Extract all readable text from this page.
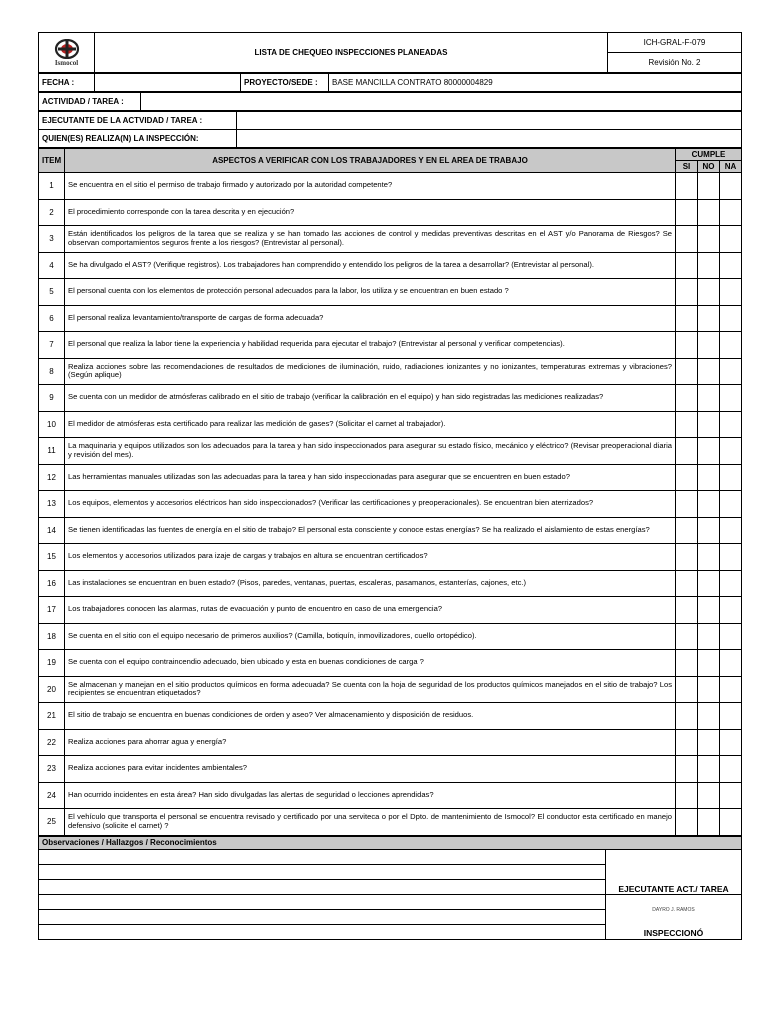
Ismocol
	LISTA DE CHEQUEO INSPECCIONES PLANEADAS	ICH-GRAL-F-079
Revisión No. 2
FECHA :		PROYECTO/SEDE :	BASE MANCILLA CONTRATO 80000004829
ACTIVIDAD / TAREA :	
EJECUTANTE DE LA ACTVIDAD / TAREA :	
QUIEN(ES) REALIZA(N) LA INSPECCIÓN:	
ITEM	ASPECTOS A VERIFICAR CON LOS TRABAJADORES Y EN EL AREA DE TRABAJO	CUMPLE		
		SI	NO	NA
1	Se encuentra en el sitio el permiso de trabajo firmado y autorizado por la autoridad competente?			
2	El procedimiento corresponde con la tarea descrita y en ejecución?			
3	Están identificados los peligros de la tarea que se realiza y se han tomado las acciones de control y medidas preventivas descritas en el AST y/o Panorama de Riesgos? Se observan comportamientos seguros frente a los riesgos? (Entrevistar al personal).			
4	Se ha divulgado el AST? (Verifique registros). Los trabajadores han comprendido y entendido los peligros de la tarea a desarrollar? (Entrevistar al personal).			
5	El personal cuenta con los elementos de protección personal adecuados para la labor, los utiliza y se encuentran en buen estado ?			
6	El personal realiza levantamiento/transporte de cargas de forma adecuada?			
7	El personal que realiza la labor tiene la experiencia y habilidad requerida para ejecutar el trabajo? (Entrevistar al personal y verificar competencias).			
8	Realiza acciones sobre las recomendaciones de resultados de mediciones de iluminación, ruido, radiaciones ionizantes y no ionizantes, temperaturas extremas y vibraciones? (Según aplique)			
9	Se cuenta con un medidor de atmósferas calibrado en el sitio de trabajo (verificar la calibración en el equipo) y han sido registradas las mediciones realizadas?			
10	El medidor de atmósferas esta certificado para realizar las medición de gases? (Solicitar el carnet al trabajador).			
11	La maquinaria y equipos utilizados son los adecuados para la tarea y han sido inspeccionados para asegurar su estado físico, mecánico y eléctrico? (Revisar preoperacional diaria y revisión del mes).			
12	Las herramientas manuales utilizadas son las adecuadas para la tarea y han sido inspeccionadas para asegurar que se encuentren en buen estado?			
13	Los equipos, elementos y accesorios eléctricos han sido inspeccionados? (Verificar las certificaciones y preoperacionales). Se encuentran bien aterrizados?			
14	Se tienen identificadas las fuentes de energía en el sitio de trabajo? El personal esta consciente y conoce estas energías? Se ha realizado el aislamiento de estas energías?			
15	Los elementos y accesorios utilizados para izaje de cargas y trabajos en altura se encuentran certificados?			
16	Las instalaciones se encuentran en buen estado? (Pisos, paredes, ventanas, puertas, escaleras, pasamanos, estanterías, cajones, etc.)			
17	Los trabajadores conocen las alarmas, rutas de evacuación y punto de encuentro en caso de una emergencia?			
18	Se cuenta en el sitio con el equipo necesario de primeros auxilios? (Camilla, botiquín, inmovilizadores, cuello ortopédico).			
19	Se cuenta con el equipo contraincendio adecuado, bien ubicado y esta en buenas condiciones de carga ?			
20	Se almacenan y manejan en el sitio productos químicos en forma adecuada? Se cuenta con la hoja de seguridad de los productos químicos manejados en el sitio de trabajo? Los recipientes se encuentran etiquetados?			
21	El sitio de trabajo se encuentra en buenas condiciones de orden y aseo? Ver almacenamiento y disposición de residuos.			
22	Realiza acciones para ahorrar agua y energía?			
23	Realiza acciones para evitar incidentes ambientales?			
24	Han ocurrido incidentes en esta área? Han sido divulgadas las alertas de seguridad o lecciones aprendidas?			
25	El vehículo que transporta el personal se encuentra revisado y certificado por una serviteca o por el Dpto. de mantenimiento de Ismocol? El conductor esta certificado en manejo defensivo (solicite el carnet) ?			
Observaciones / Hallazgos / Reconocimientos	

	EJECUTANTE ACT./ TAREA

	DAYRO J. RAMOS
INSPECCIONÓ
